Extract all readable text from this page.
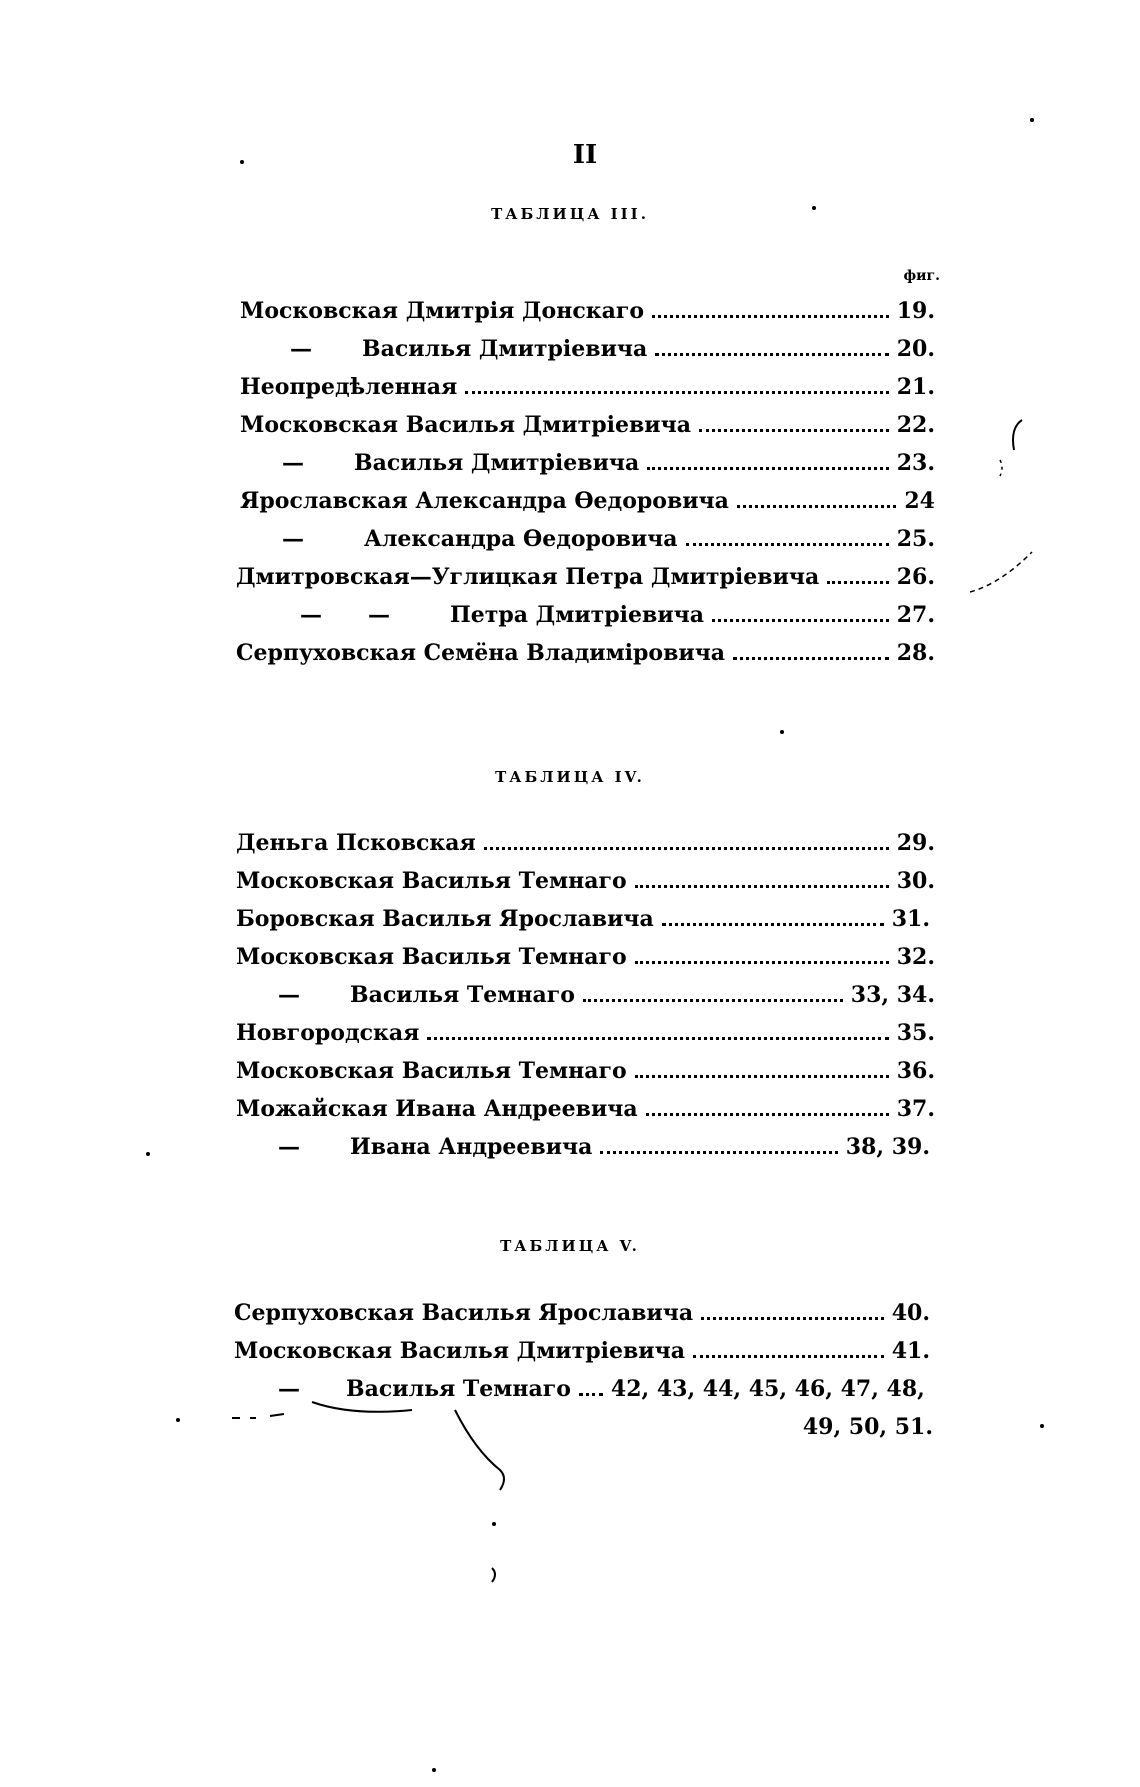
II
ТАБЛИЦА III.
фиг.
Московская Дмитрія Донскаго	19.
— Василья Дмитріевича	20.
Неопредѣленная	21.
Московская Василья Дмитріевича	22.
— Василья Дмитріевича	23.
Ярославская Александра Ѳедоровича	24
—	Александра Ѳедоровича	25.
Дмитровская—Углицкая Петра Дмитріевича	26.
—      —	Петра Дмитріевича	27.
Серпуховская Семёна Владиміровича	28.
ТАБЛИЦА IV.
Деньга Псковская	29.
Московская Василья Темнаго	30.
Боровская Василья Ярославича	31.
Московская Василья Темнаго	32.
— Василья Темнаго	33, 34.
Новгородская	35.
Московская Василья Темнаго	36.
Можайская Ивана Андреевича	37.
— Ивана Андреевича	38, 39.
ТАБЛИЦА V.
Серпуховская Василья Ярославича	40.
Московская Василья Дмитріевича	41.
— Василья Темнаго 42, 43, 44, 45, 46, 47, 48,
49, 50, 51.
